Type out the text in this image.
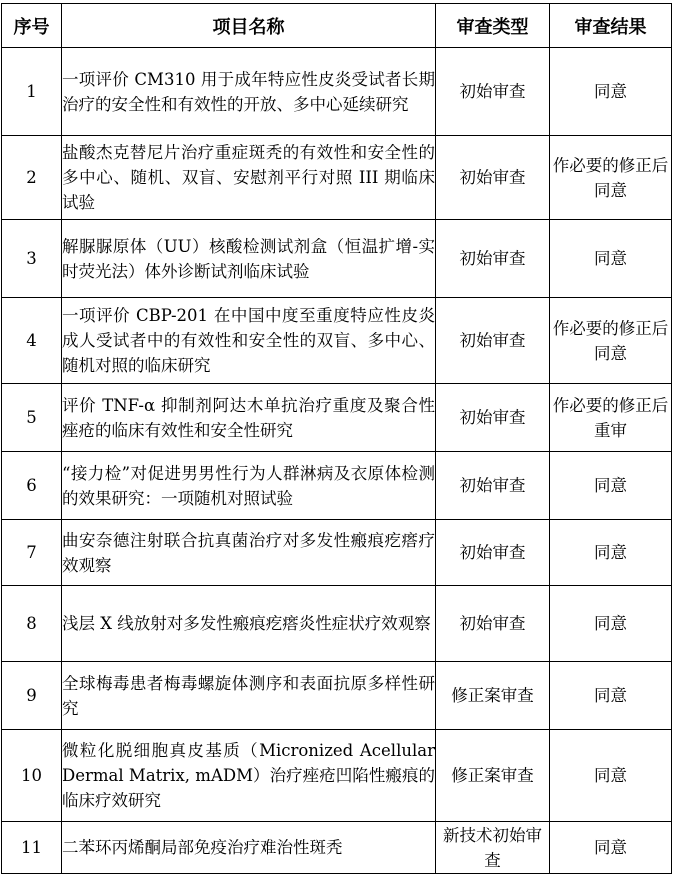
序号	项目名称	审查类型	审查结果
1	一项评价 CM310 用于成年特应性皮炎受试者长期治疗的安全性和有效性的开放、多中心延续研究	初始审查	同意
2	盐酸杰克替尼片治疗重症斑秃的有效性和安全性的多中心、随机、双盲、安慰剂平行对照 III 期临床试验	初始审查	作必要的修正后同意
3	解脲脲原体（UU）核酸检测试剂盒（恒温扩增-实时荧光法）体外诊断试剂临床试验	初始审查	同意
4	一项评价 CBP-201 在中国中度至重度特应性皮炎成人受试者中的有效性和安全性的双盲、多中心、随机对照的临床研究	初始审查	作必要的修正后同意
5	评价 TNF-α 抑制剂阿达木单抗治疗重度及聚合性痤疮的临床有效性和安全性研究	初始审查	作必要的修正后重审
6	“接力检”对促进男男性行为人群淋病及衣原体检测的效果研究：一项随机对照试验	初始审查	同意
7	曲安奈德注射联合抗真菌治疗对多发性瘢痕疙瘩疗效观察	初始审查	同意
8	浅层 X 线放射对多发性瘢痕疙瘩炎性症状疗效观察	初始审查	同意
9	全球梅毒患者梅毒螺旋体测序和表面抗原多样性研究	修正案审查	同意
10	微粒化脱细胞真皮基质（Micronized Acellular Dermal Matrix, mADM）治疗痤疮凹陷性瘢痕的临床疗效研究	修正案审查	同意
11	二苯环丙烯酮局部免疫治疗难治性斑秃	新技术初始审查	同意
